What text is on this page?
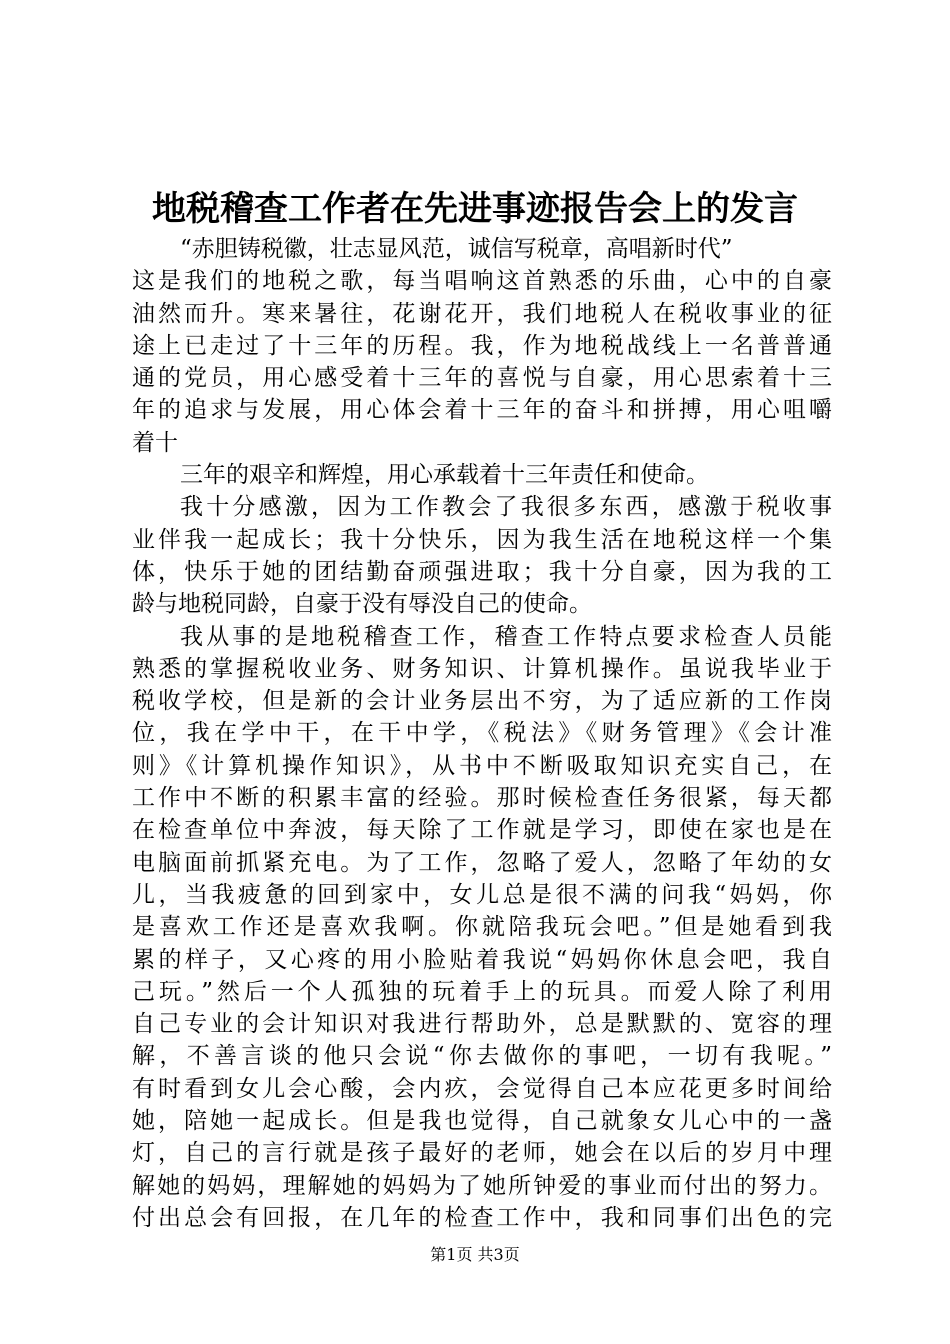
地税稽查工作者在先进事迹报告会上的发言
“赤胆铸税徽，壮志显风范，诚信写税章，高唱新时代”
这是我们的地税之歌，每当唱响这首熟悉的乐曲，心中的自豪
油然而升。寒来暑往，花谢花开，我们地税人在税收事业的征
途上已走过了十三年的历程。我，作为地税战线上一名普普通
通的党员，用心感受着十三年的喜悦与自豪，用心思索着十三
年的追求与发展，用心体会着十三年的奋斗和拼搏，用心咀嚼
着十
三年的艰辛和辉煌，用心承载着十三年责任和使命。
我十分感激，因为工作教会了我很多东西，感激于税收事
业伴我一起成长；我十分快乐，因为我生活在地税这样一个集
体，快乐于她的团结勤奋顽强进取；我十分自豪，因为我的工
龄与地税同龄，自豪于没有辱没自己的使命。
我从事的是地税稽查工作，稽查工作特点要求检查人员能
熟悉的掌握税收业务、财务知识、计算机操作。虽说我毕业于
税收学校，但是新的会计业务层出不穷，为了适应新的工作岗
位，我在学中干，在干中学，《税法》《财务管理》《会计准
则》《计算机操作知识》，从书中不断吸取知识充实自己，在
工作中不断的积累丰富的经验。那时候检查任务很紧，每天都
在检查单位中奔波，每天除了工作就是学习，即使在家也是在
电脑面前抓紧充电。为了工作，忽略了爱人，忽略了年幼的女
儿，当我疲惫的回到家中，女儿总是很不满的问我“妈妈，你
是喜欢工作还是喜欢我啊。你就陪我玩会吧。”但是她看到我
累的样子，又心疼的用小脸贴着我说“妈妈你休息会吧，我自
己玩。”然后一个人孤独的玩着手上的玩具。而爱人除了利用
自己专业的会计知识对我进行帮助外，总是默默的、宽容的理
解，不善言谈的他只会说“你去做你的事吧，一切有我呢。”
有时看到女儿会心酸，会内疚，会觉得自己本应花更多时间给
她，陪她一起成长。但是我也觉得，自己就象女儿心中的一盏
灯，自己的言行就是孩子最好的老师，她会在以后的岁月中理
解她的妈妈，理解她的妈妈为了她所钟爱的事业而付出的努力。
付出总会有回报，在几年的检查工作中，我和同事们出色的完
第1页 共3页
